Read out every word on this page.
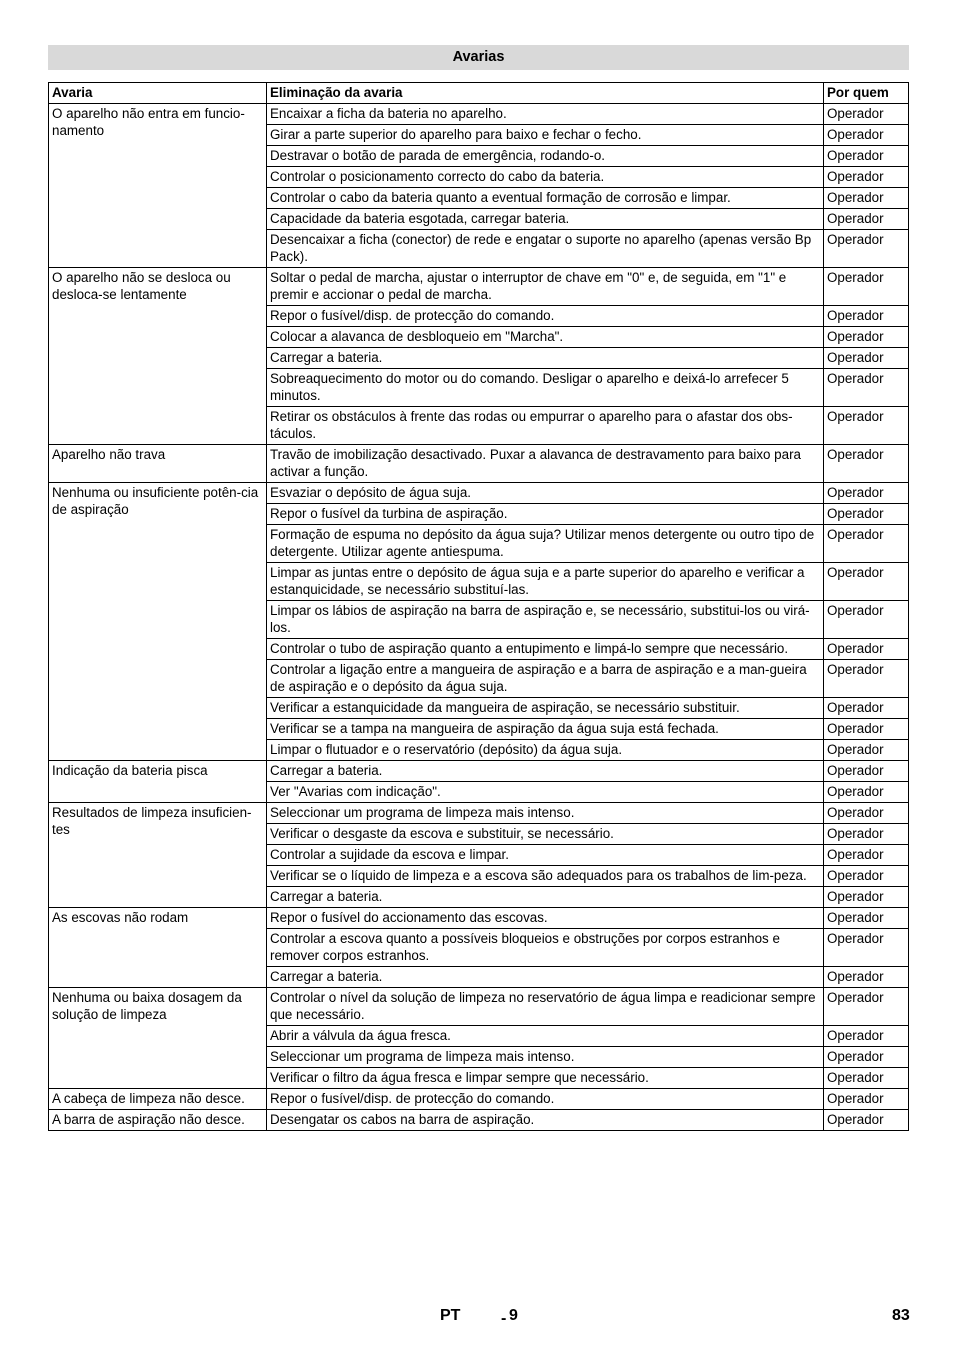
Avarias
Avaria	Eliminação da avaria	Por quem
O aparelho não entra em funcio-namento	Encaixar a ficha da bateria no aparelho.	Operador
	Girar a parte superior do aparelho para baixo e fechar o fecho.	Operador
	Destravar o botão de parada de emergência, rodando-o.	Operador
	Controlar o posicionamento correcto do cabo da bateria.	Operador
	Controlar o cabo da bateria quanto a eventual formação de corrosão e limpar.	Operador
	Capacidade da bateria esgotada, carregar bateria.	Operador
	Desencaixar a ficha (conector) de rede e engatar o suporte no aparelho (apenas versão Bp Pack).	Operador
O aparelho não se desloca ou desloca-se lentamente	Soltar o pedal de marcha, ajustar o interruptor de chave em "0" e, de seguida, em "1" e premir e accionar o pedal de marcha.	Operador
	Repor o fusível/disp. de protecção do comando.	Operador
	Colocar a alavanca de desbloqueio em "Marcha".	Operador
	Carregar a bateria.	Operador
	Sobreaquecimento do motor ou do comando. Desligar o aparelho e deixá-lo arrefecer 5 minutos.	Operador
	Retirar os obstáculos à frente das rodas ou empurrar o aparelho para o afastar dos obs-táculos.	Operador
Aparelho não trava	Travão de imobilização desactivado. Puxar a alavanca de destravamento para baixo para activar a função.	Operador
Nenhuma ou insuficiente potên-cia de aspiração	Esvaziar o depósito de água suja.	Operador
	Repor o fusível da turbina de aspiração.	Operador
	Formação de espuma no depósito da água suja? Utilizar menos detergente ou outro tipo de detergente. Utilizar agente antiespuma.	Operador
	Limpar as juntas entre o depósito de água suja e a parte superior do aparelho e verificar a estanquicidade, se necessário substituí-las.	Operador
	Limpar os lábios de aspiração na barra de aspiração e, se necessário, substitui-los ou virá-los.	Operador
	Controlar o tubo de aspiração quanto a entupimento e limpá-lo sempre que necessário.	Operador
	Controlar a ligação entre a mangueira de aspiração e a barra de aspiração e a man-gueira de aspiração e o depósito da água suja.	Operador
	Verificar a estanquicidade da mangueira de aspiração, se necessário substituir.	Operador
	Verificar se a tampa na mangueira de aspiração da água suja está fechada.	Operador
	Limpar o flutuador e o reservatório (depósito) da água suja.	Operador
Indicação da bateria pisca	Carregar a bateria.	Operador
	Ver "Avarias com indicação".	Operador
Resultados de limpeza insuficien-tes	Seleccionar um programa de limpeza mais intenso.	Operador
	Verificar o desgaste da escova e substituir, se necessário.	Operador
	Controlar a sujidade da escova e limpar.	Operador
	Verificar se o líquido de limpeza e a escova são adequados para os trabalhos de lim-peza.	Operador
	Carregar a bateria.	Operador
As escovas não rodam	Repor o fusível do accionamento das escovas.	Operador
	Controlar a escova quanto a possíveis bloqueios e obstruções por corpos estranhos e remover corpos estranhos.	Operador
	Carregar a bateria.	Operador
Nenhuma ou baixa dosagem da solução de limpeza	Controlar o nível da solução de limpeza no reservatório de água limpa e readicionar sempre que necessário.	Operador
	Abrir a válvula da água fresca.	Operador
	Seleccionar um programa de limpeza mais intenso.	Operador
	Verificar o filtro da água fresca e limpar sempre que necessário.	Operador
A cabeça de limpeza não desce.	Repor o fusível/disp. de protecção do comando.	Operador
A barra de aspiração não desce.	Desengatar os cabos na barra de aspiração.	Operador
PT	- 9	83
